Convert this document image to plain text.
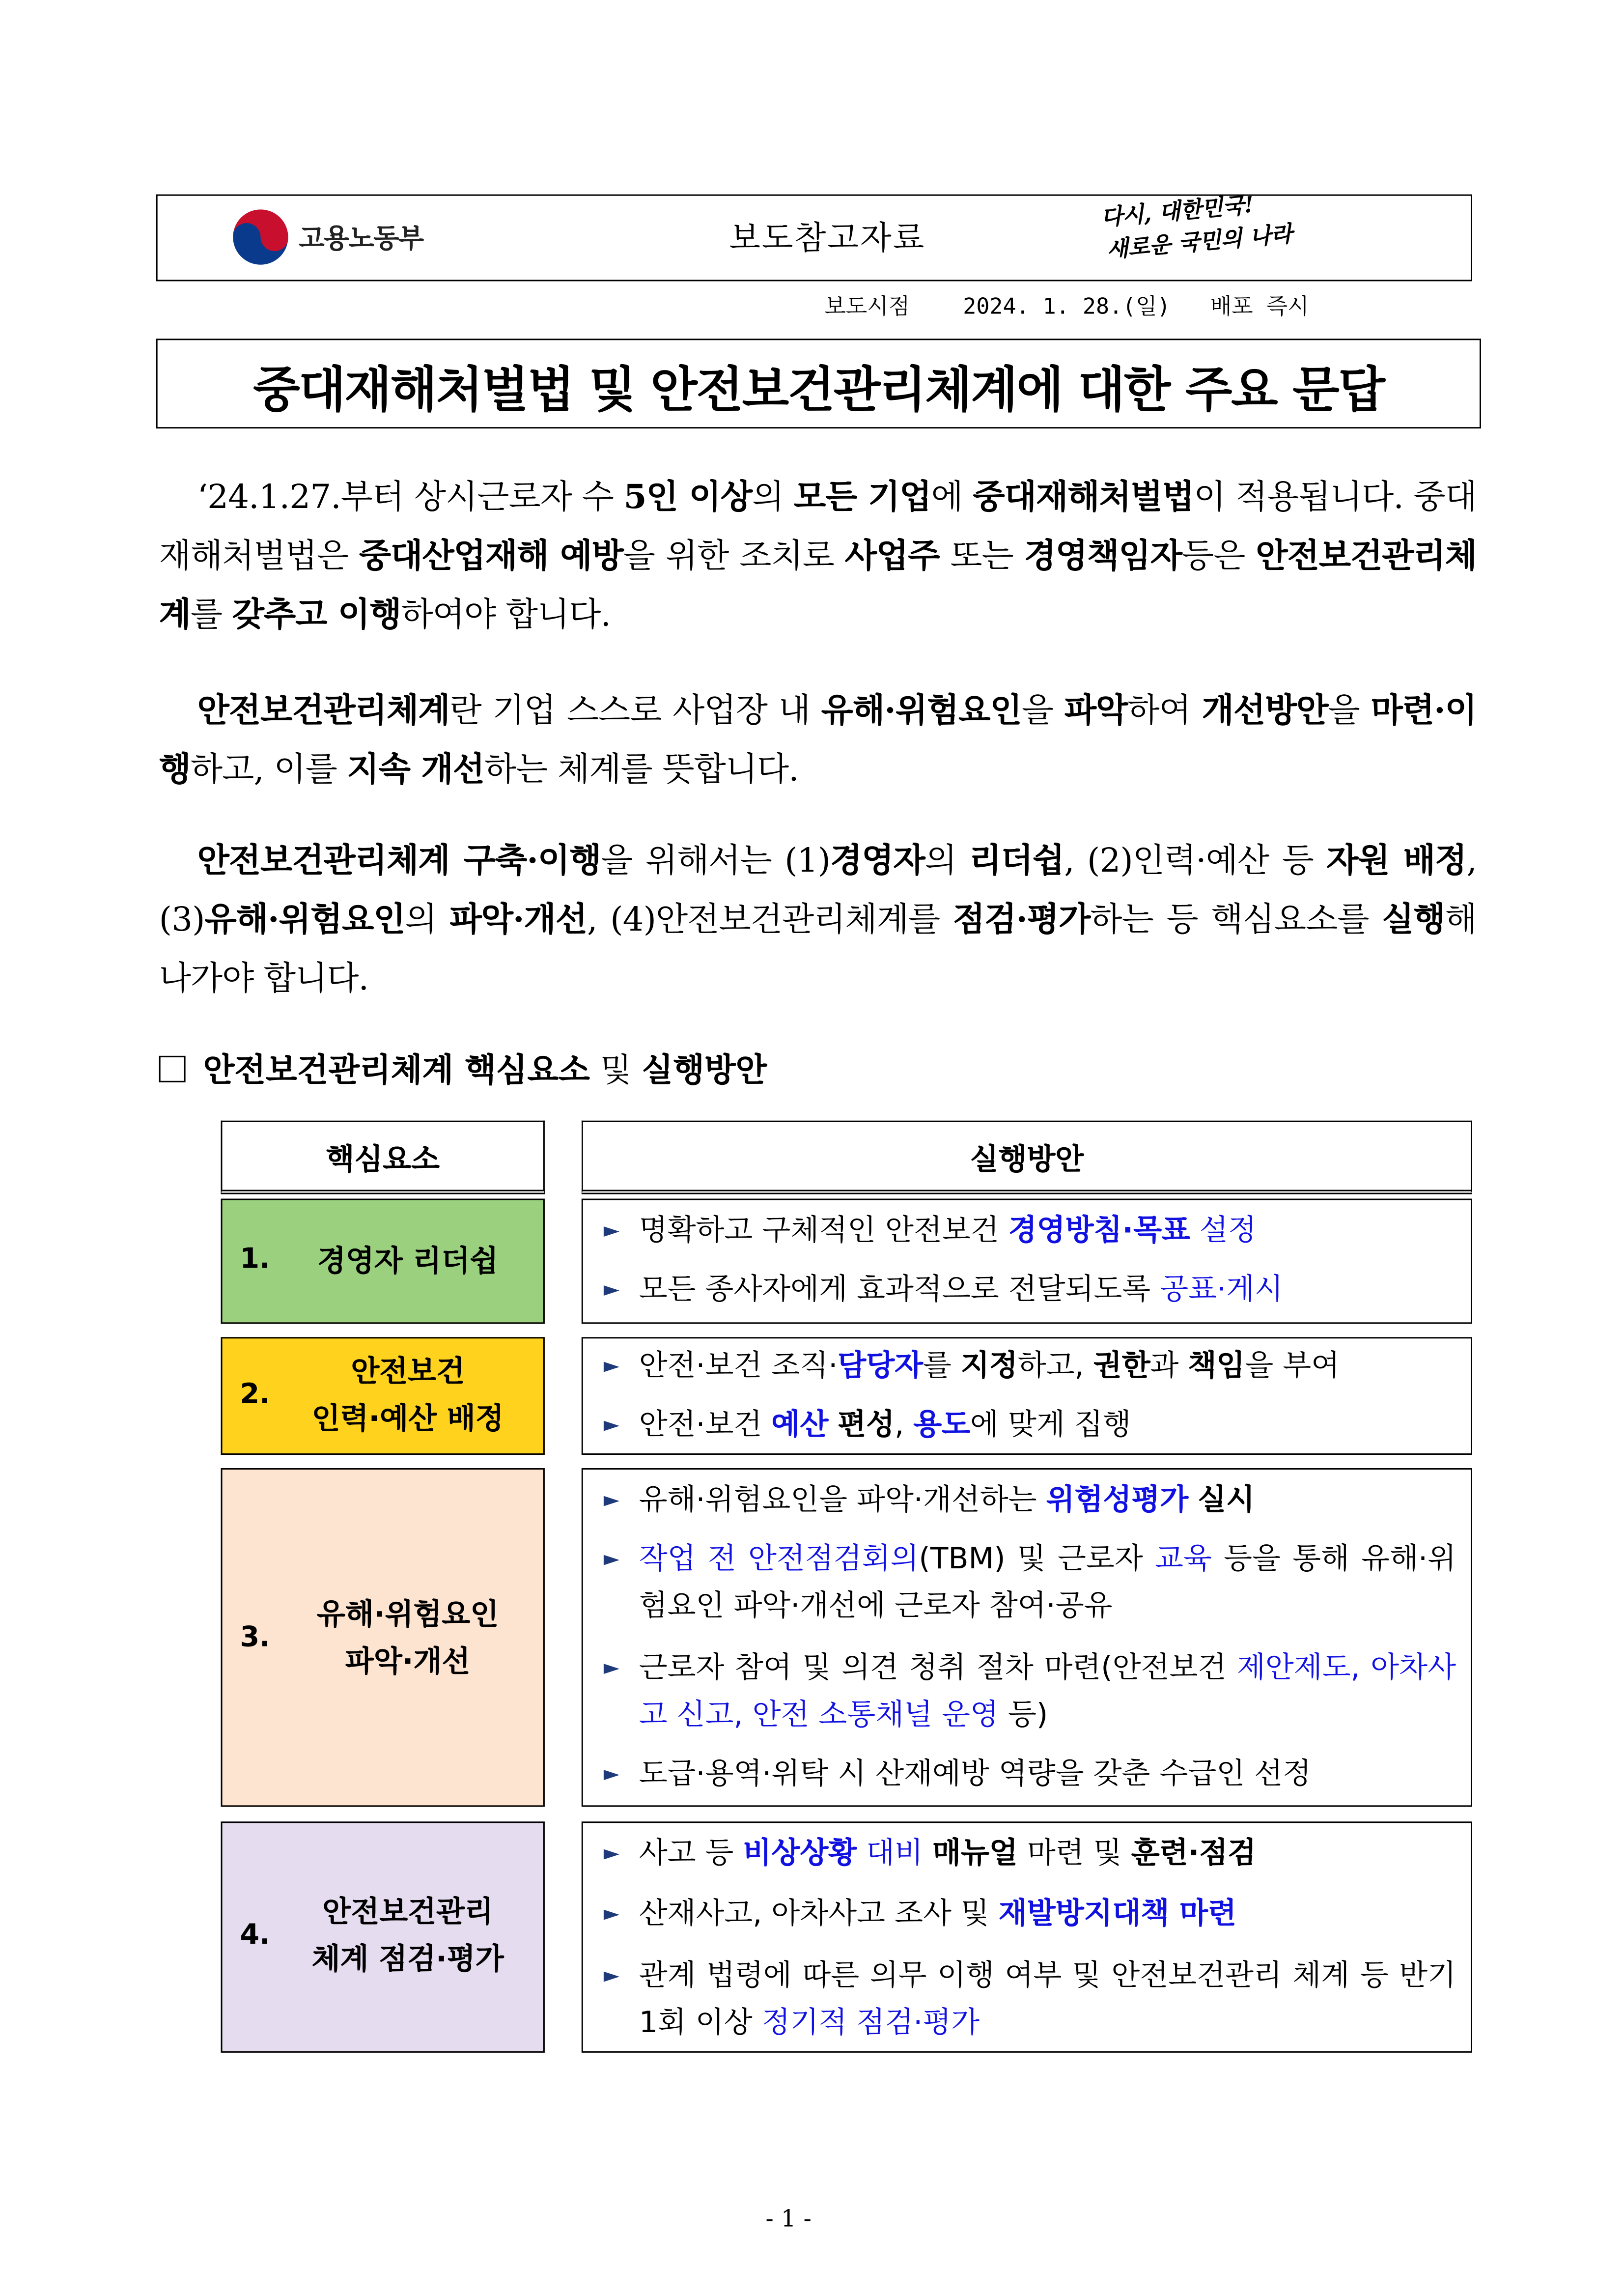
고용노동부	보도참고자료
다시, 대한민국!
새로운 국민의 나라
보도시점    2024. 1. 28.(일)   배포 즉시
중대재해처벌법 및 안전보건관리체계에 대한 주요 문답
‘24.1.27.부터 상시근로자 수 5인 이상의 모든 기업에 중대재해처벌법이 적용됩니다. 중대재해처벌법은 중대산업재해 예방을 위한 조치로 사업주 또는 경영책임자등은 안전보건관리체계를 갖추고 이행하여야 합니다.
안전보건관리체계란 기업 스스로 사업장 내 유해·위험요인을 파악하여 개선방안을 마련·이행하고, 이를 지속 개선하는 체계를 뜻합니다.
안전보건관리체계 구축·이행을 위해서는 (1)경영자의 리더쉽, (2)인력·예산 등 자원 배정, (3)유해·위험요인의 파악·개선, (4)안전보건관리체계를 점검·평가하는 등 핵심요소를 실행해 나가야 합니다.
안전보건관리체계 핵심요소 및 실행방안
핵심요소	실행방안
1.	경영자 리더쉽
►	명확하고 구체적인 안전보건 경영방침·목표 설정
►	모든 종사자에게 효과적으로 전달되도록 공표·게시
2.
안전보건
인력·예산 배정
►	안전·보건 조직·담당자를 지정하고, 권한과 책임을 부여
►	안전·보건 예산 편성, 용도에 맞게 집행
3.
유해·위험요인
파악·개선
►	유해·위험요인을 파악·개선하는 위험성평가 실시
►	작업 전 안전점검회의(TBM) 및 근로자 교육 등을 통해 유해·위험요인 파악·개선에 근로자 참여·공유
►	근로자 참여 및 의견 청취 절차 마련(안전보건 제안제도, 아차사고 신고, 안전 소통채널 운영 등)
►	도급·용역·위탁 시 산재예방 역량을 갖춘 수급인 선정
4.
안전보건관리
체계 점검·평가
►	사고 등 비상상황 대비 매뉴얼 마련 및 훈련·점검
►	산재사고, 아차사고 조사 및 재발방지대책 마련
►	관계 법령에 따른 의무 이행 여부 및 안전보건관리 체계 등 반기 1회 이상 정기적 점검·평가
- 1 -
